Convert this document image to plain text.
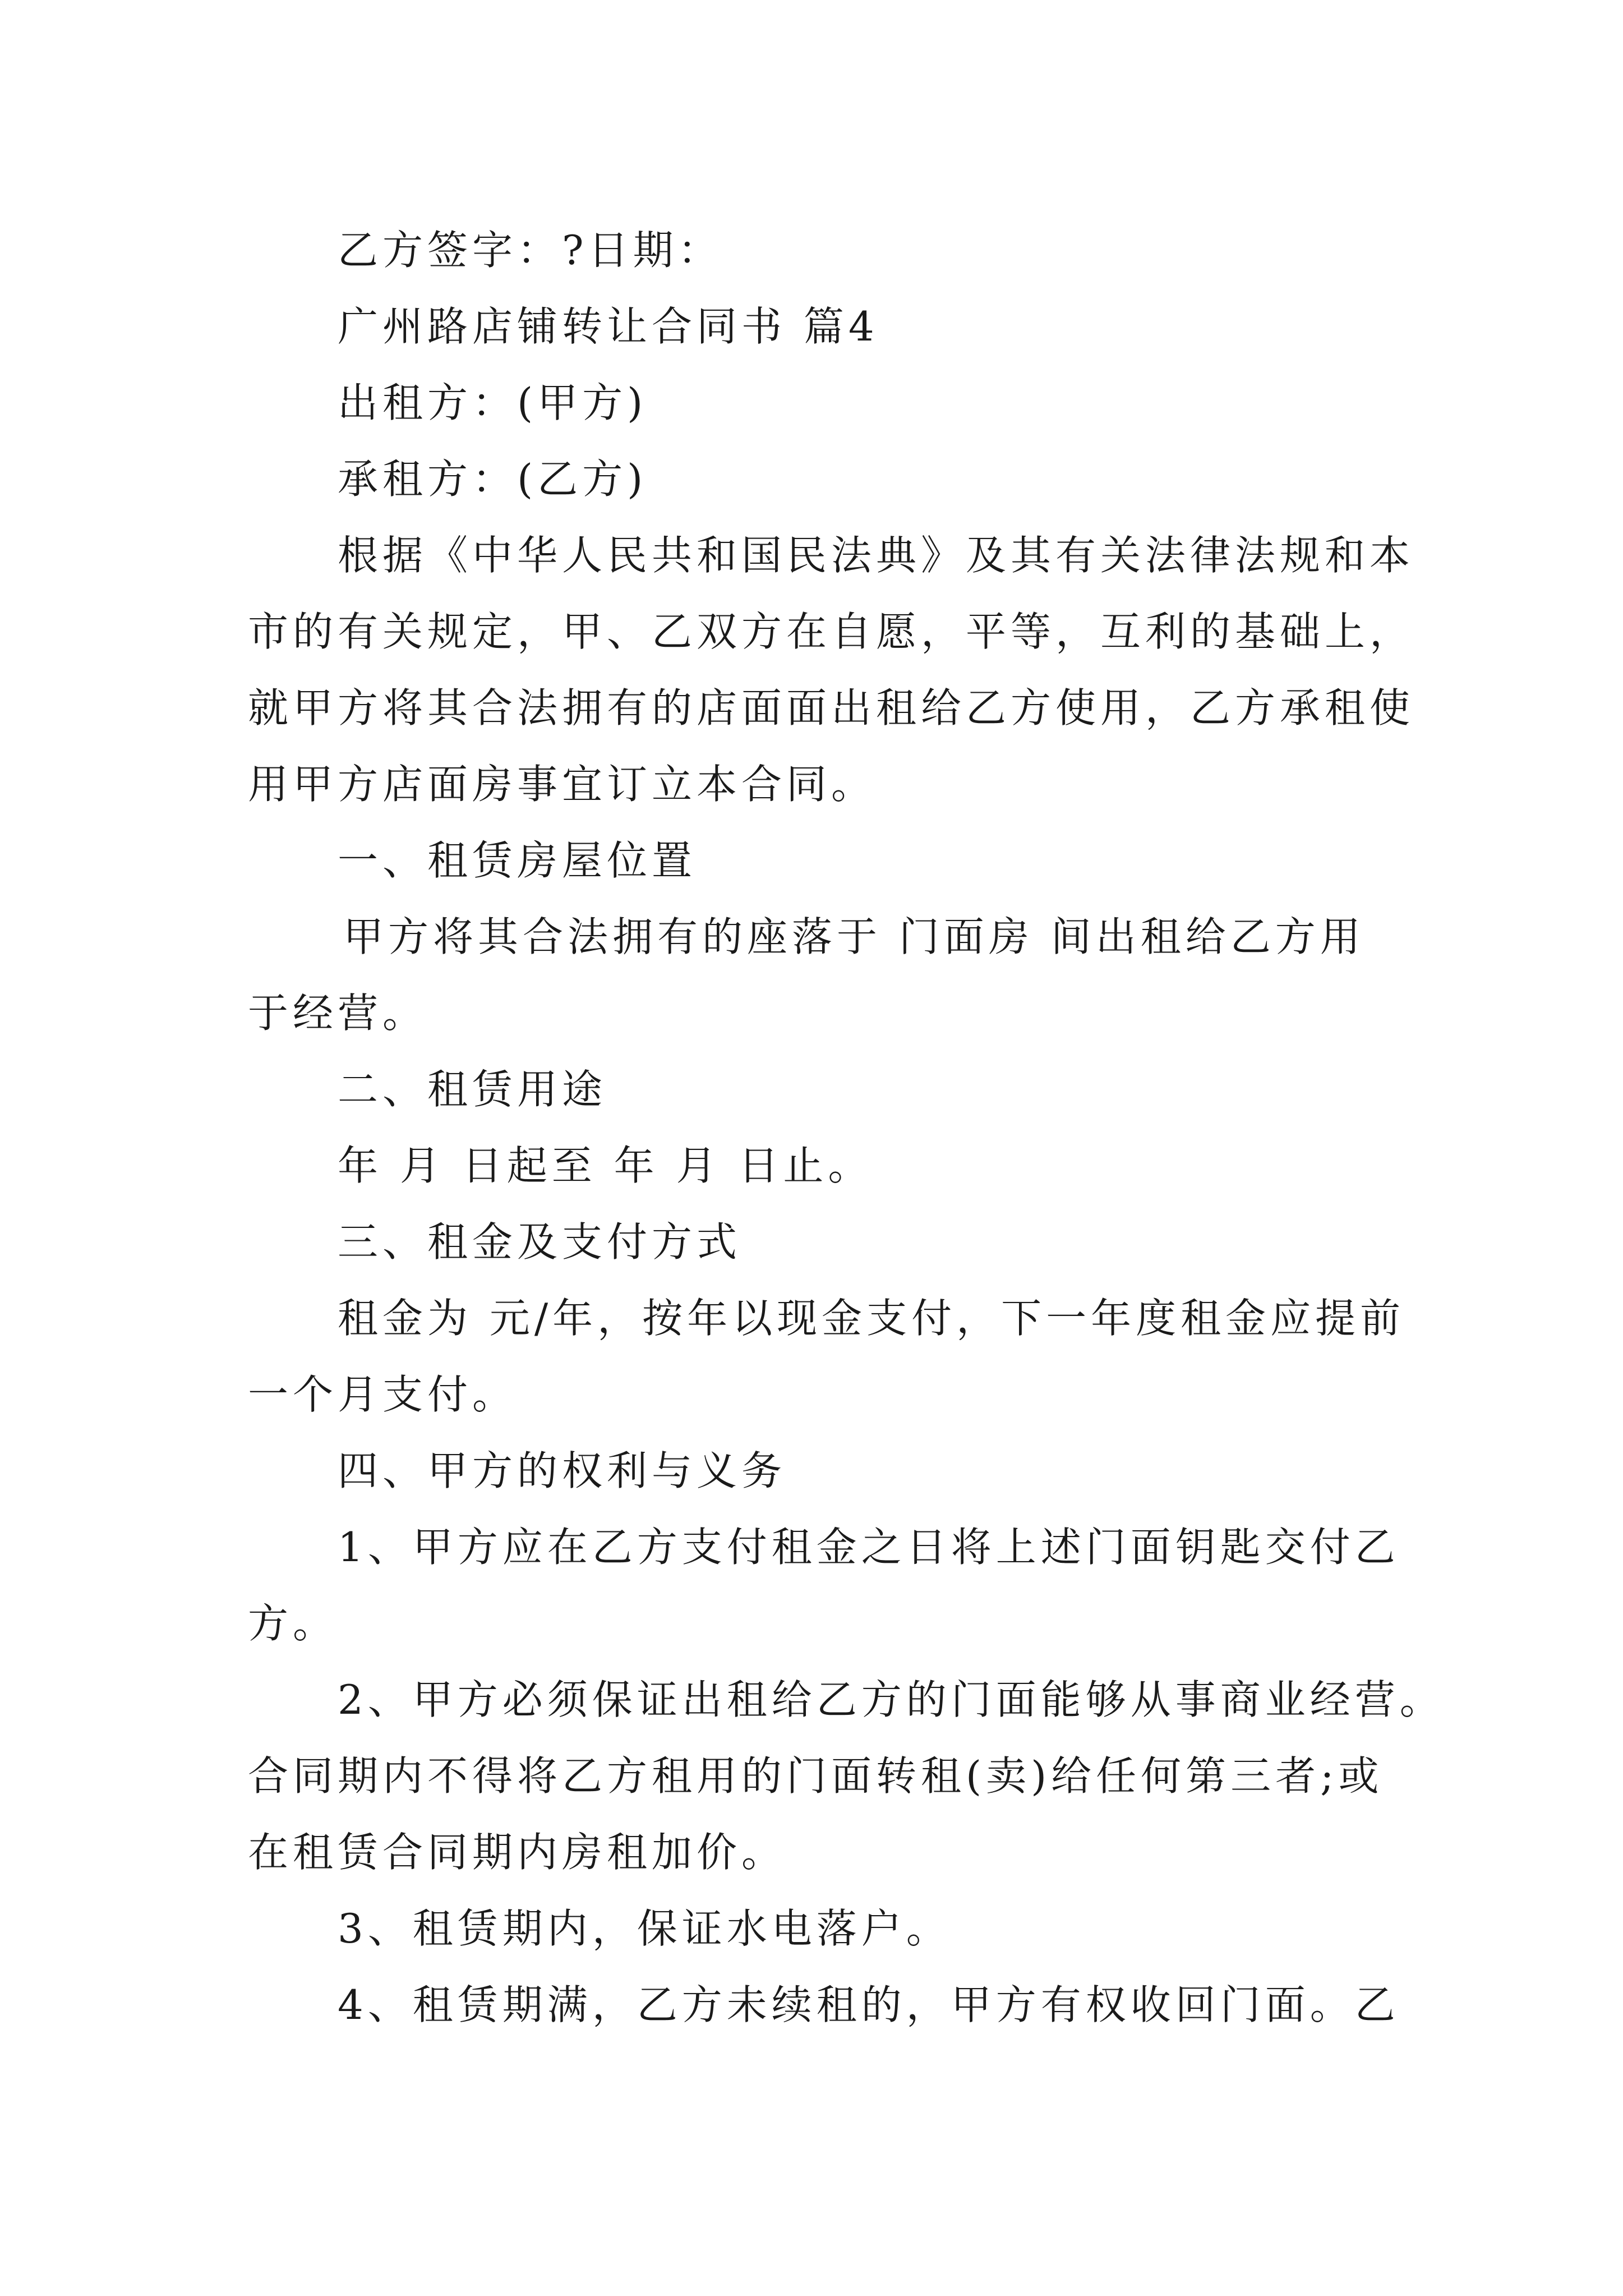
乙方签字：?日期：
广州路店铺转让合同书 篇4
出租方：(甲方)
承租方：(乙方)
根据《中华人民共和国民法典》及其有关法律法规和本
市的有关规定，甲、乙双方在自愿，平等，互利的基础上，
就甲方将其合法拥有的店面面出租给乙方使用，乙方承租使
用甲方店面房事宜订立本合同。
一、租赁房屋位置
甲方将其合法拥有的座落于 门面房 间出租给乙方用
于经营。
二、租赁用途
年 月 日起至 年 月 日止。
三、租金及支付方式
租金为 元/年，按年以现金支付，下一年度租金应提前
一个月支付。
四、甲方的权利与义务
1、甲方应在乙方支付租金之日将上述门面钥匙交付乙
方。
2、甲方必须保证出租给乙方的门面能够从事商业经营。
合同期内不得将乙方租用的门面转租(卖)给任何第三者;或
在租赁合同期内房租加价。
3、租赁期内，保证水电落户。
4、租赁期满，乙方未续租的，甲方有权收回门面。乙
